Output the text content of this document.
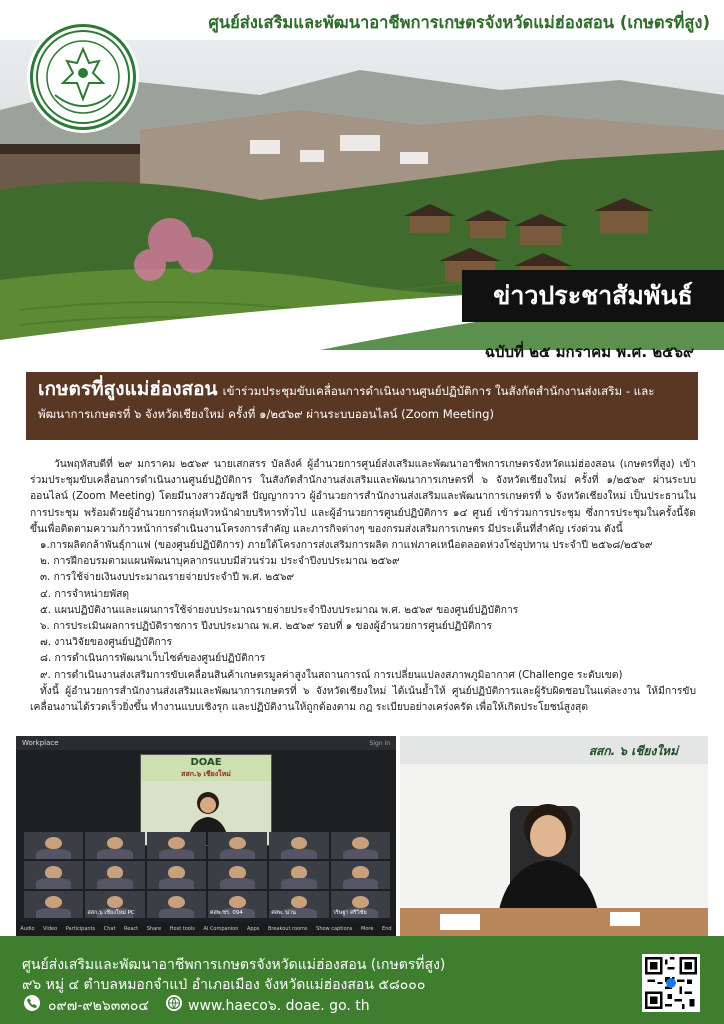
ศูนย์ส่งเสริมและพัฒนาอาชีพการเกษตรจังหวัดแม่ฮ่องสอน (เกษตรที่สูง)
ข่าวประชาสัมพันธ์
ฉบับที่ ๒๕ มกราคม พ.ศ. ๒๕๖๙
เกษตรที่สูงแม่ฮ่องสอน เข้าร่วมประชุมขับเคลื่อนการดำเนินงานศูนย์ปฏิบัติการ ในสังกัดสำนักงานส่งเสริม - และพัฒนาการเกษตรที่ ๖ จังหวัดเชียงใหม่ ครั้งที่ ๑/๒๕๖๙ ผ่านระบบออนไลน์ (Zoom Meeting)

วันพฤหัสบดีที่ ๒๙ มกราคม ๒๕๖๙ นายเสกสรร บัลลังค์ ผู้อำนวยการศูนย์ส่งเสริมและพัฒนาอาชีพการเกษตรจังหวัดแม่ฮ่องสอน (เกษตรที่สูง) เข้าร่วมประชุมขับเคลื่อนการดำเนินงานศูนย์ปฏิบัติการ ในสังกัดสำนักงานส่งเสริมและพัฒนาการเกษตรที่ ๖ จังหวัดเชียงใหม่ ครั้งที่ ๑/๒๕๖๙ ผ่านระบบออนไลน์ (Zoom Meeting) โดยมีนางสาวอัญชลี ปัญญากวาว ผู้อำนวยการสำนักงานส่งเสริมและพัฒนาการเกษตรที่ ๖ จังหวัดเชียงใหม่ เป็นประธานในการประชุม พร้อมด้วยผู้อำนวยการกลุ่มหัวหน้าฝ่ายบริหารทั่วไป และผู้อำนวยการศูนย์ปฏิบัติการ ๑๔ ศูนย์ เข้าร่วมการประชุม ซึ่งการประชุมในครั้งนี้จัดขึ้นเพื่อติดตามความก้าวหน้าการดำเนินงานโครงการสำคัญ และภารกิจต่างๆ ของกรมส่งเสริมการเกษตร มีประเด็นที่สำคัญ เร่งด่วน ดังนี้

๑.การผลิตกล้าพันธุ์กาแฟ (ของศูนย์ปฏิบัติการ) ภายใต้โครงการส่งเสริมการผลิต กาแฟภาคเหนือตลอดห่วงโซ่อุปทาน ประจำปี ๒๕๖๘/๒๕๖๙
๒. การฝึกอบรมตามแผนพัฒนาบุคลากรแบบมีส่วนร่วม ประจำปีงบประมาณ ๒๕๖๙
๓. การใช้จ่ายเงินงบประมาณรายจ่ายประจำปี พ.ศ. ๒๕๖๙
๔. การจำหน่ายพัสดุ
๕. แผนปฏิบัติงานและแผนการใช้จ่ายงบประมาณรายจ่ายประจำปีงบประมาณ พ.ศ. ๒๕๖๙ ของศูนย์ปฏิบัติการ
๖. การประเมินผลการปฏิบัติราชการ ปีงบประมาณ พ.ศ. ๒๕๖๙ รอบที่ ๑ ของผู้อำนวยการศูนย์ปฏิบัติการ
๗. งานวิจัยของศูนย์ปฏิบัติการ
๘. การดำเนินการพัฒนาเว็บไซต์ของศูนย์ปฏิบัติการ
๙. การดำเนินงานส่งเสริมการขับเคลื่อนสินค้าเกษตรมูลค่าสูงในสถานการณ์ การเปลี่ยนแปลงสภาพภูมิอากาศ (Challenge ระดับเขต)

ทั้งนี้ ผู้อำนวยการสำนักงานส่งเสริมและพัฒนาการเกษตรที่ ๖ จังหวัดเชียงใหม่ ได้เน้นย้ำให้ ศูนย์ปฏิบัติการและผู้รับผิดชอบในแต่ละงาน ให้มีการขับเคลื่อนงานได้รวดเร็วยิ่งขึ้น ทำงานแบบเชิงรุก และปฏิบัติงานให้ถูกต้องตาม กฎ ระเบียบอย่างเคร่งครัด เพื่อให้เกิดประโยชน์สูงสุด

Workplace	Sign in
DOAE
สสก.๖ เชียงใหม่
สสก.๖ เชียงใหม่ PC	ศสพ.ชร. 094	ศสพ. น่าน	วริษฐา ศรีวิชัย
Audio Video Participants Chat React Share Host tools AI Companion Apps Breakout rooms Show captions More End
สสก. ๖ เชียงใหม่
ศูนย์ส่งเสริมและพัฒนาอาชีพการเกษตรจังหวัดแม่ฮ่องสอน (เกษตรที่สูง)
๙๖ หมู่ ๔ ตำบลหมอกจำแป่ อำเภอเมือง จังหวัดแม่ฮ่องสอน ๕๘๐๐๐
๐๙๗-๙๒๖๓๓๐๔	www.haeco๖. doae. go. th
